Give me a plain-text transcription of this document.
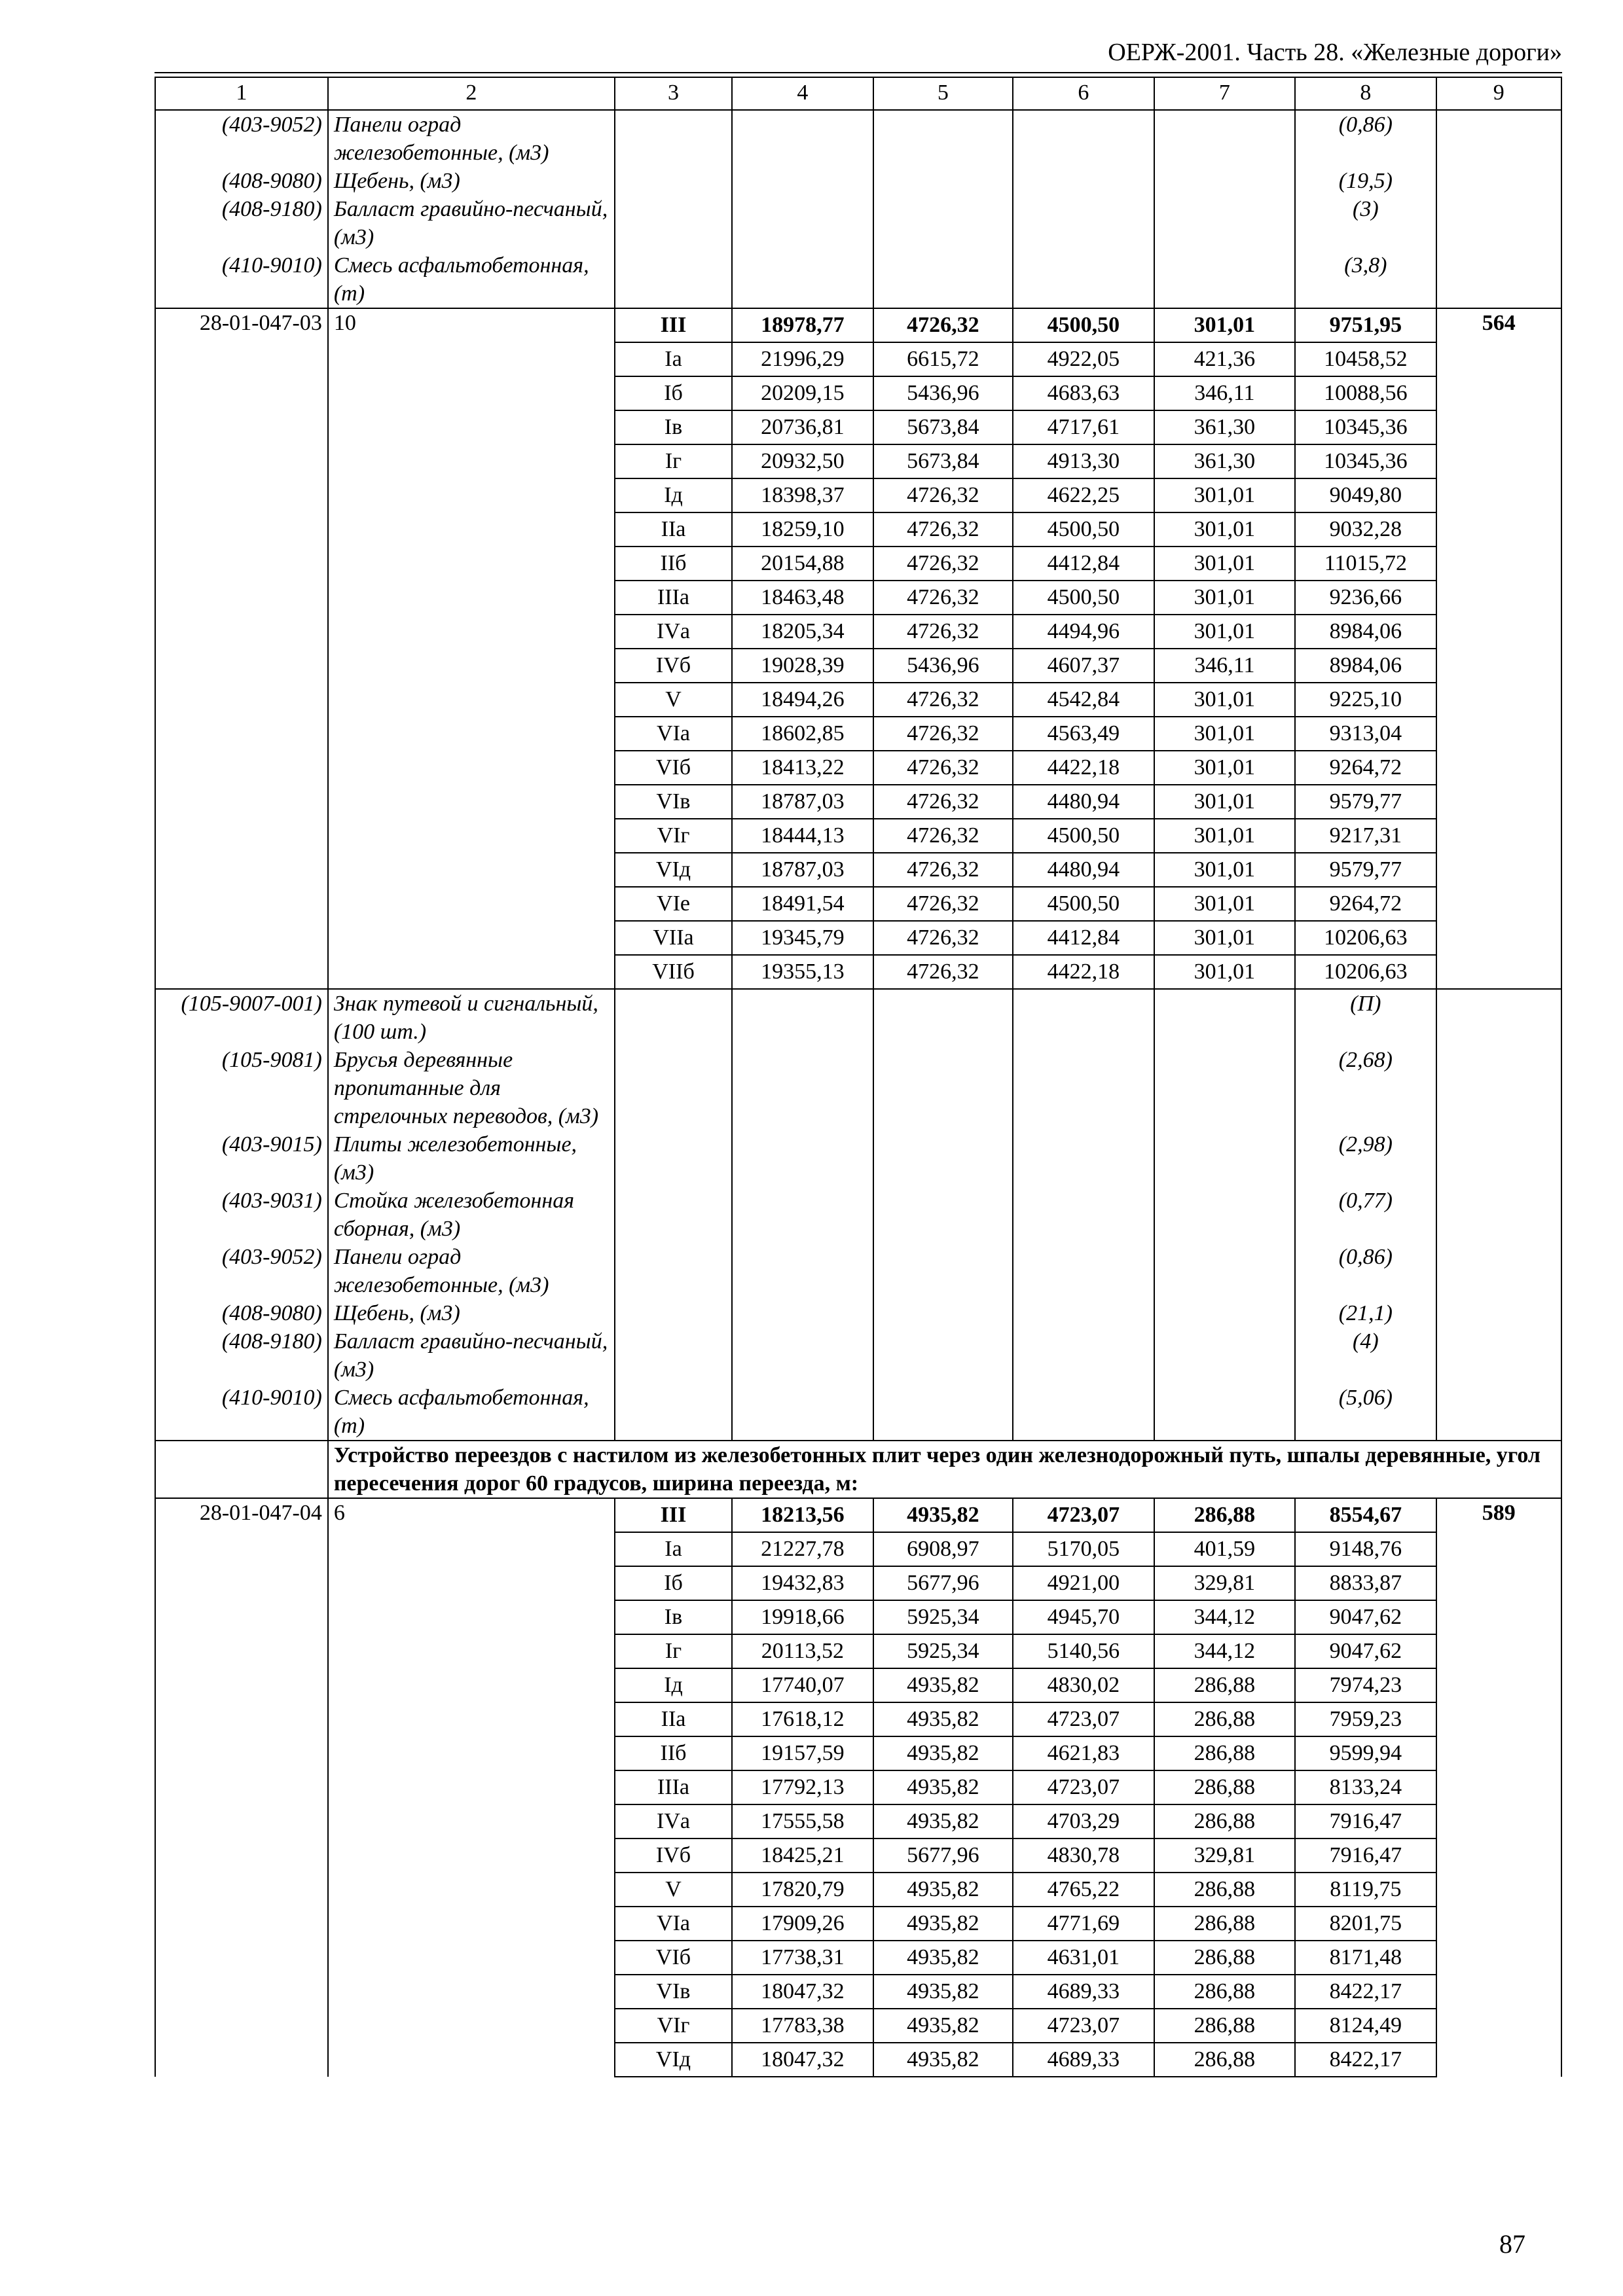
ОЕРЖ-2001. Часть 28. «Железные дороги»
1	2	3	4	5	6	7	8	9
(403-9052)	Панели оград железобетонные, (м3)						(0,86)	
(408-9080)	Щебень, (м3)						(19,5)	
(408-9180)	Балласт гравийно-песчаный, (м3)						(3)	
(410-9010)	Смесь асфальтобетонная, (т)						(3,8)	
28-01-047-03	10	III	18978,77	4726,32	4500,50	301,01	9751,95	564
		Iа	21996,29	6615,72	4922,05	421,36	10458,52	
		Iб	20209,15	5436,96	4683,63	346,11	10088,56	
		Iв	20736,81	5673,84	4717,61	361,30	10345,36	
		Iг	20932,50	5673,84	4913,30	361,30	10345,36	
		Iд	18398,37	4726,32	4622,25	301,01	9049,80	
		IIа	18259,10	4726,32	4500,50	301,01	9032,28	
		IIб	20154,88	4726,32	4412,84	301,01	11015,72	
		IIIа	18463,48	4726,32	4500,50	301,01	9236,66	
		IVа	18205,34	4726,32	4494,96	301,01	8984,06	
		IVб	19028,39	5436,96	4607,37	346,11	8984,06	
		V	18494,26	4726,32	4542,84	301,01	9225,10	
		VIа	18602,85	4726,32	4563,49	301,01	9313,04	
		VIб	18413,22	4726,32	4422,18	301,01	9264,72	
		VIв	18787,03	4726,32	4480,94	301,01	9579,77	
		VIг	18444,13	4726,32	4500,50	301,01	9217,31	
		VIд	18787,03	4726,32	4480,94	301,01	9579,77	
		VIе	18491,54	4726,32	4500,50	301,01	9264,72	
		VIIа	19345,79	4726,32	4412,84	301,01	10206,63	
		VIIб	19355,13	4726,32	4422,18	301,01	10206,63	
(105-9007-001)	Знак путевой и сигнальный, (100 шт.)						(П)	
(105-9081)	Брусья деревянные пропитанные для стрелочных переводов, (м3)						(2,68)	
(403-9015)	Плиты железобетонные, (м3)						(2,98)	
(403-9031)	Стойка железобетонная сборная, (м3)						(0,77)	
(403-9052)	Панели оград железобетонные, (м3)						(0,86)	
(408-9080)	Щебень, (м3)						(21,1)	
(408-9180)	Балласт гравийно-песчаный, (м3)						(4)	
(410-9010)	Смесь асфальтобетонная, (т)						(5,06)	
	Устройство переездов с настилом из железобетонных плит через один железнодорожный путь, шпалы деревянные, угол пересечения дорог 60 градусов, ширина переезда, м:							
28-01-047-04	6	III	18213,56	4935,82	4723,07	286,88	8554,67	589
		Iа	21227,78	6908,97	5170,05	401,59	9148,76	
		Iб	19432,83	5677,96	4921,00	329,81	8833,87	
		Iв	19918,66	5925,34	4945,70	344,12	9047,62	
		Iг	20113,52	5925,34	5140,56	344,12	9047,62	
		Iд	17740,07	4935,82	4830,02	286,88	7974,23	
		IIа	17618,12	4935,82	4723,07	286,88	7959,23	
		IIб	19157,59	4935,82	4621,83	286,88	9599,94	
		IIIа	17792,13	4935,82	4723,07	286,88	8133,24	
		IVа	17555,58	4935,82	4703,29	286,88	7916,47	
		IVб	18425,21	5677,96	4830,78	329,81	7916,47	
		V	17820,79	4935,82	4765,22	286,88	8119,75	
		VIа	17909,26	4935,82	4771,69	286,88	8201,75	
		VIб	17738,31	4935,82	4631,01	286,88	8171,48	
		VIв	18047,32	4935,82	4689,33	286,88	8422,17	
		VIг	17783,38	4935,82	4723,07	286,88	8124,49	
		VIд	18047,32	4935,82	4689,33	286,88	8422,17	
87
